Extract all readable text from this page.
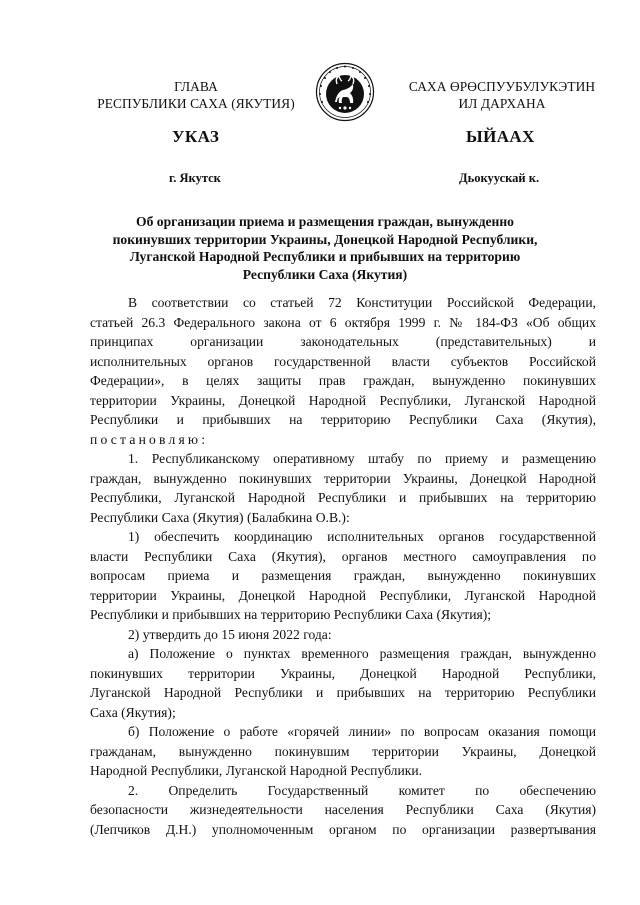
ГЛАВА
РЕСПУБЛИКИ САХА (ЯКУТИЯ)
САХА ӨРӨСПУУБУЛУКЭТИН
ИЛ ДАРХАНА
УКАЗ	ЫЙААХ
г. Якутск	Дьокуускай к.
Об организации приема и размещения граждан, вынужденно
покинувших территории Украины, Донецкой Народной Республики,
Луганской Народной Республики и прибывших на территорию
Республики Саха (Якутия)
В соответствии со статьей 72 Конституции Российской Федерации,
статьей 26.3 Федерального закона от 6 октября 1999 г. № 184-ФЗ «Об общих
принципах организации законодательных (представительных) и
исполнительных органов государственной власти субъектов Российской
Федерации», в целях защиты прав граждан, вынужденно покинувших
территории Украины, Донецкой Народной Республики, Луганской Народной
Республики и прибывших на территорию Республики Саха (Якутия),
постановляю:
1. Республиканскому оперативному штабу по приему и размещению
граждан, вынужденно покинувших территории Украины, Донецкой Народной
Республики, Луганской Народной Республики и прибывших на территорию
Республики Саха (Якутия) (Балабкина О.В.):
1) обеспечить координацию исполнительных органов государственной
власти Республики Саха (Якутия), органов местного самоуправления по
вопросам приема и размещения граждан, вынужденно покинувших
территории Украины, Донецкой Народной Республики, Луганской Народной
Республики и прибывших на территорию Республики Саха (Якутия);
2) утвердить до 15 июня 2022 года:
а) Положение о пунктах временного размещения граждан, вынужденно
покинувших территории Украины, Донецкой Народной Республики,
Луганской Народной Республики и прибывших на территорию Республики
Саха (Якутия);
б) Положение о работе «горячей линии» по вопросам оказания помощи
гражданам, вынужденно покинувшим территории Украины, Донецкой
Народной Республики, Луганской Народной Республики.
2. Определить Государственный комитет по обеспечению
безопасности жизнедеятельности населения Республики Саха (Якутия)
(Лепчиков Д.Н.) уполномоченным органом по организации развертывания
